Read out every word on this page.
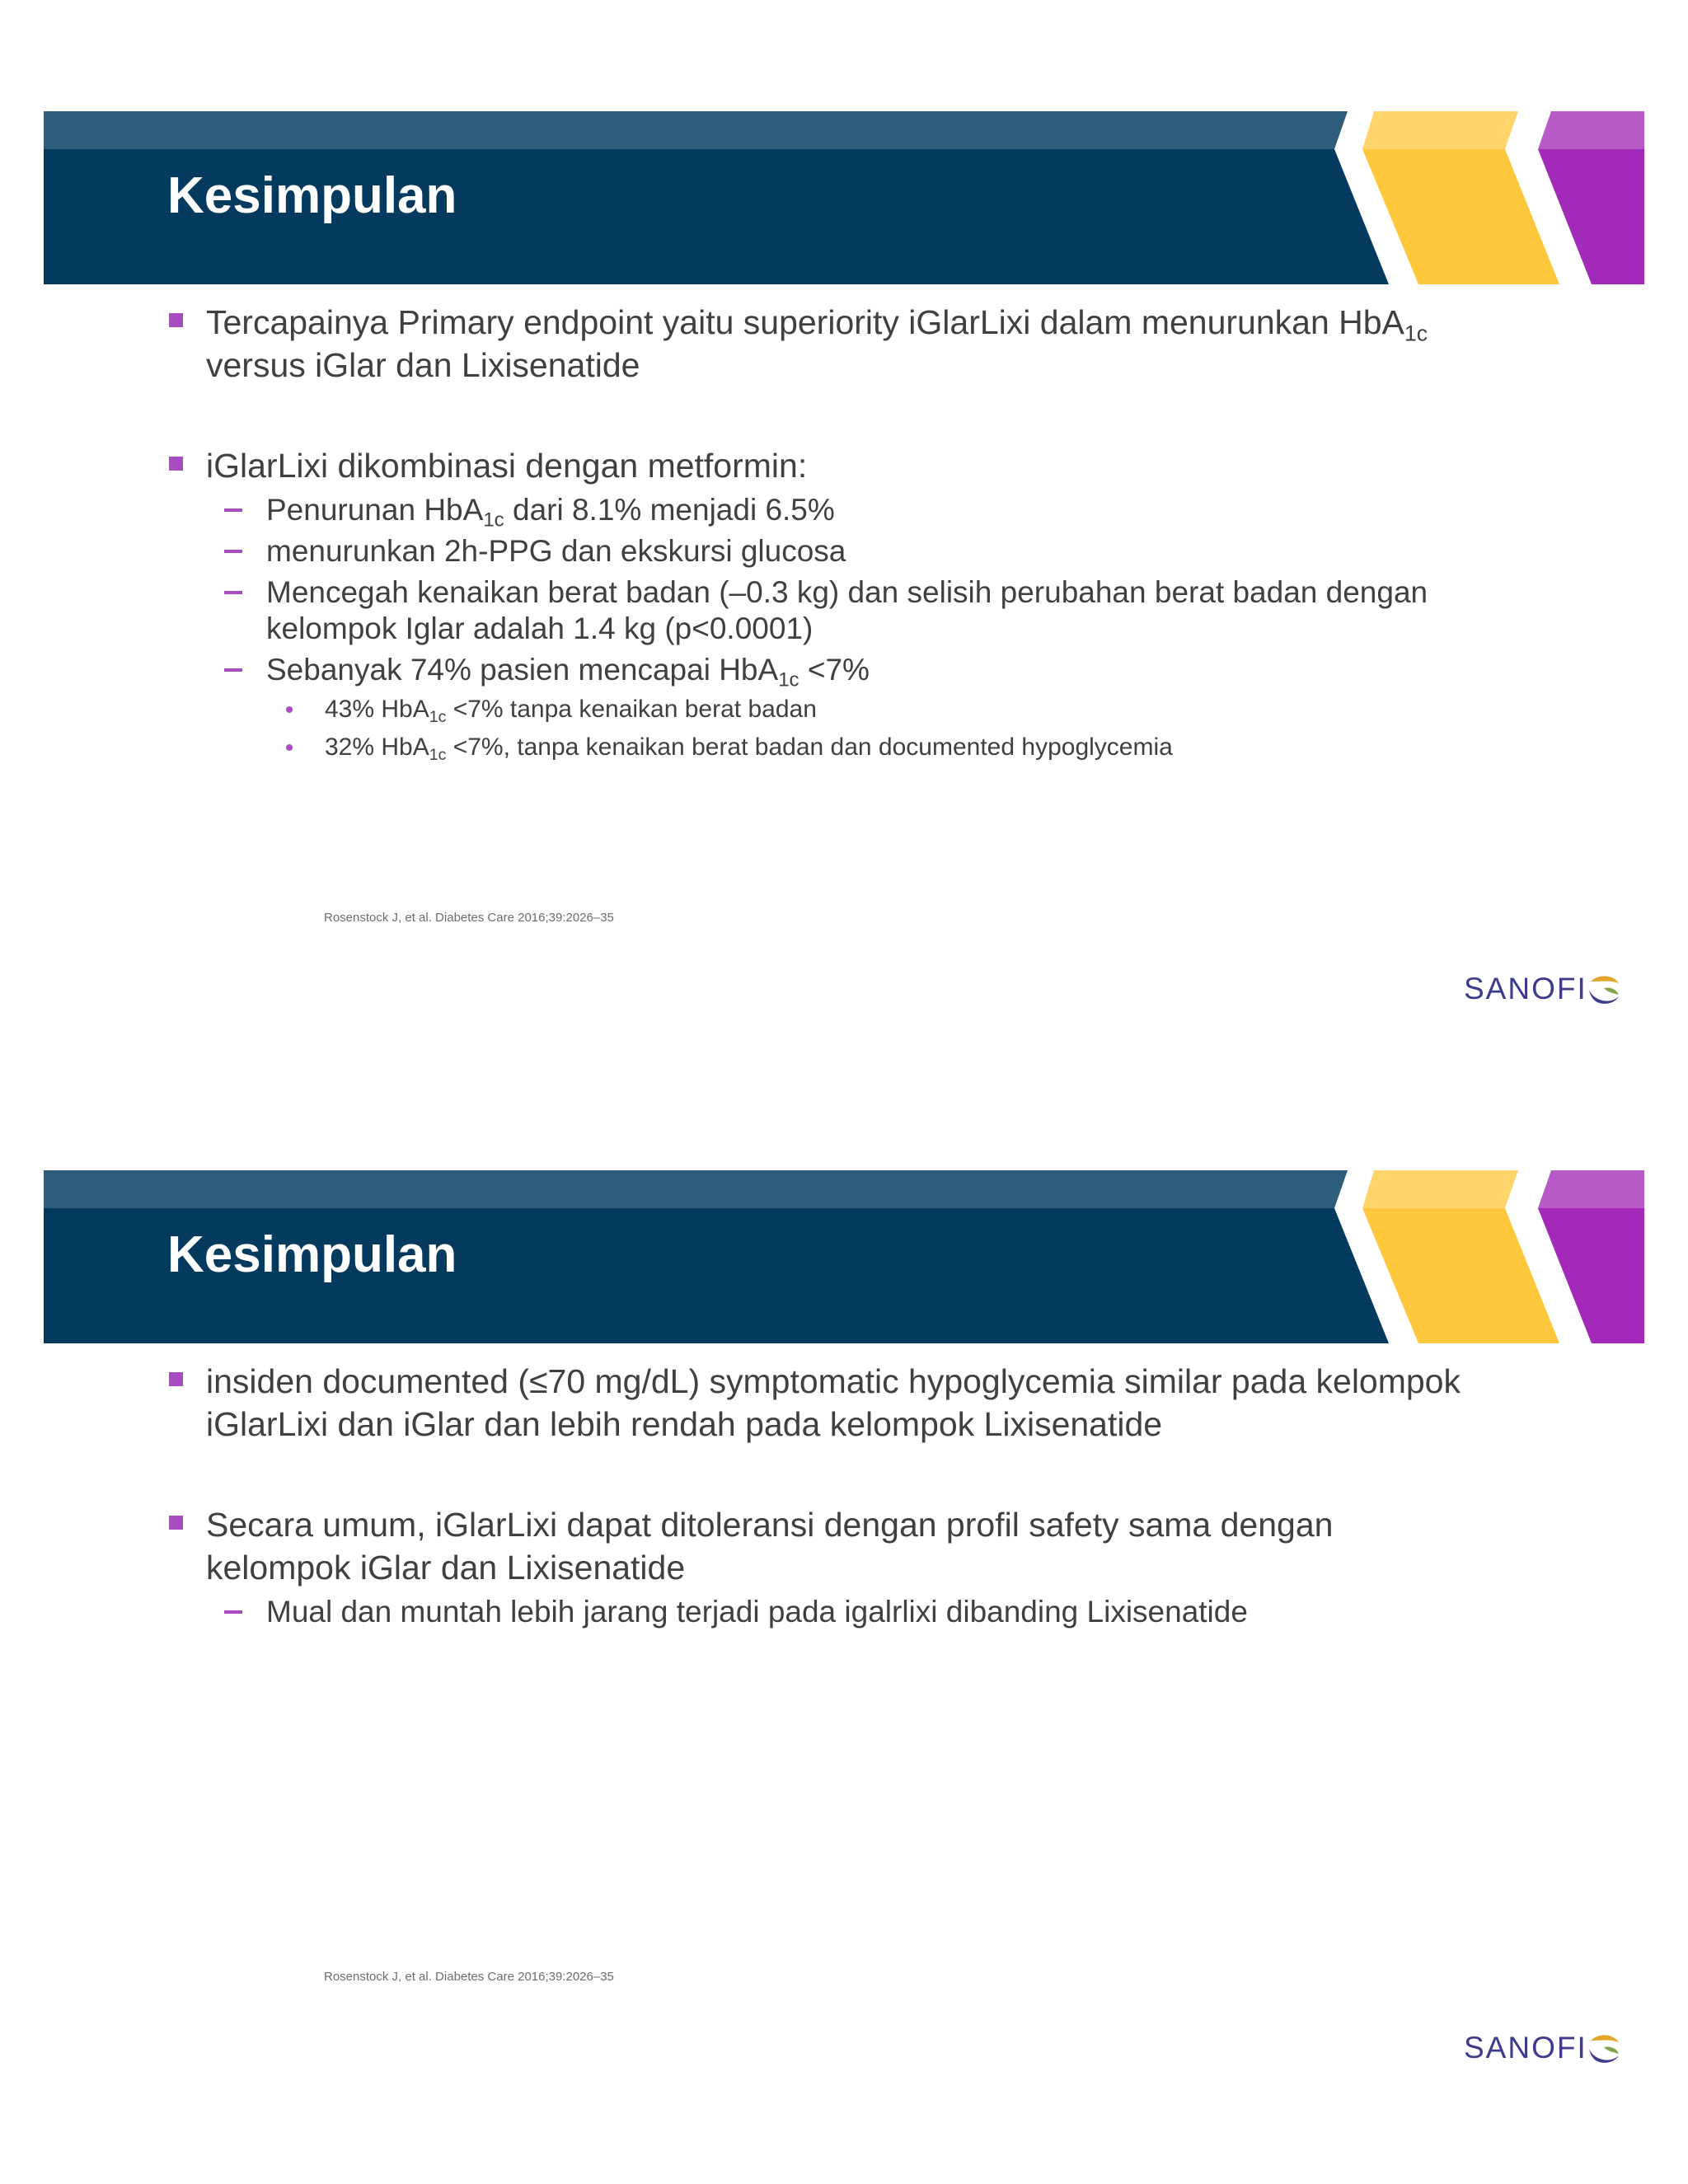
Kesimpulan
Tercapainya Primary endpoint yaitu superiority iGlarLixi dalam menurunkan HbA$_{1c}$
versus iGlar dan Lixisenatide
iGlarLixi dikombinasi dengan metformin:
Penurunan HbA$_{1c}$ dari 8.1% menjadi 6.5%
menurunkan 2h-PPG dan ekskursi glucosa
Mencegah kenaikan berat badan (–0.3 kg) dan selisih perubahan berat badan dengan
kelompok Iglar adalah 1.4 kg (p<0.0001)
Sebanyak 74% pasien mencapai HbA$_{1c}$ <7%
43% HbA$_{1c}$ <7% tanpa kenaikan berat badan
32% HbA$_{1c}$ <7%, tanpa kenaikan berat badan dan documented hypoglycemia
Rosenstock J, et al. Diabetes Care 2016;39:2026–35
SANOFI
Kesimpulan
insiden documented (≤70 mg/dL) symptomatic hypoglycemia similar pada kelompok
iGlarLixi dan iGlar dan lebih rendah pada kelompok Lixisenatide
Secara umum, iGlarLixi dapat ditoleransi dengan profil safety sama dengan
kelompok iGlar dan Lixisenatide
Mual dan muntah lebih jarang terjadi pada igalrlixi dibanding Lixisenatide
Rosenstock J, et al. Diabetes Care 2016;39:2026–35
SANOFI
